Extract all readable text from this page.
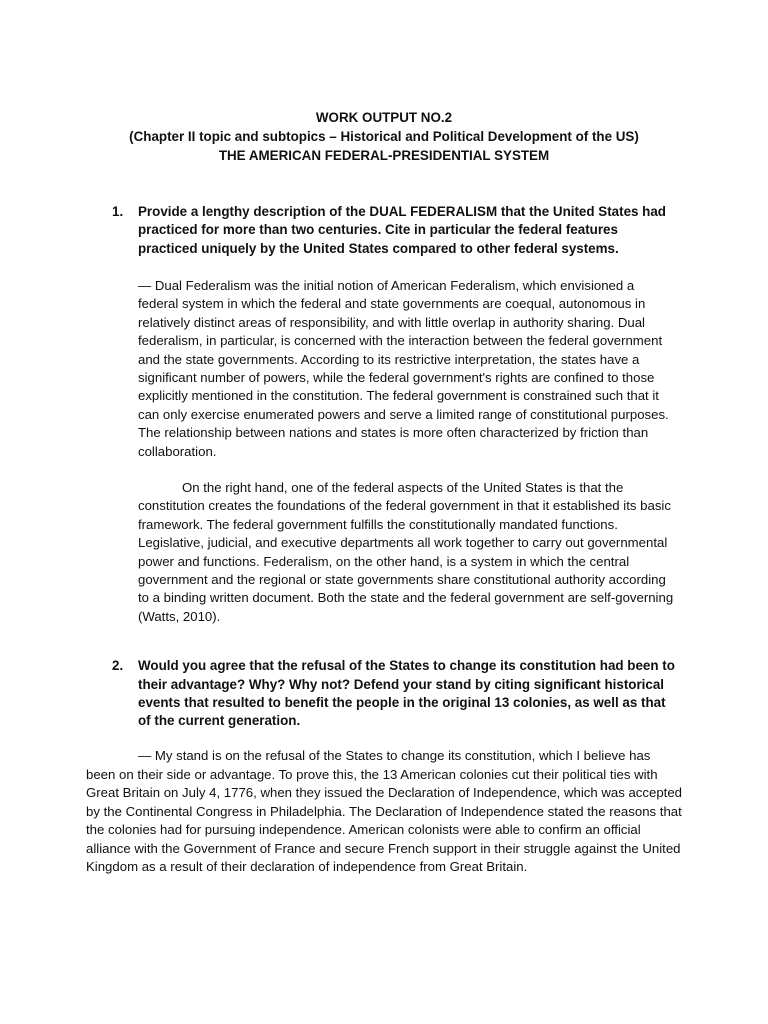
WORK OUTPUT NO.2
(Chapter II topic and subtopics – Historical and Political Development of the US)
THE AMERICAN FEDERAL-PRESIDENTIAL SYSTEM
1.	Provide a lengthy description of the DUAL FEDERALISM that the United States had practiced for more than two centuries. Cite in particular the federal features practiced uniquely by the United States compared to other federal systems.
— Dual Federalism was the initial notion of American Federalism, which envisioned a federal system in which the federal and state governments are coequal, autonomous in relatively distinct areas of responsibility, and with little overlap in authority sharing. Dual federalism, in particular, is concerned with the interaction between the federal government and the state governments. According to its restrictive interpretation, the states have a significant number of powers, while the federal government's rights are confined to those explicitly mentioned in the constitution. The federal government is constrained such that it can only exercise enumerated powers and serve a limited range of constitutional purposes. The relationship between nations and states is more often characterized by friction than collaboration.
On the right hand, one of the federal aspects of the United States is that the constitution creates the foundations of the federal government in that it established its basic framework. The federal government fulfills the constitutionally mandated functions. Legislative, judicial, and executive departments all work together to carry out governmental power and functions. Federalism, on the other hand, is a system in which the central government and the regional or state governments share constitutional authority according to a binding written document. Both the state and the federal government are self-governing (Watts, 2010).
2.	Would you agree that the refusal of the States to change its constitution had been to their advantage? Why? Why not? Defend your stand by citing significant historical events that resulted to benefit the people in the original 13 colonies, as well as that of the current generation.
— My stand is on the refusal of the States to change its constitution, which I believe has been on their side or advantage. To prove this, the 13 American colonies cut their political ties with Great Britain on July 4, 1776, when they issued the Declaration of Independence, which was accepted by the Continental Congress in Philadelphia. The Declaration of Independence stated the reasons that the colonies had for pursuing independence. American colonists were able to confirm an official alliance with the Government of France and secure French support in their struggle against the United Kingdom as a result of their declaration of independence from Great Britain.
